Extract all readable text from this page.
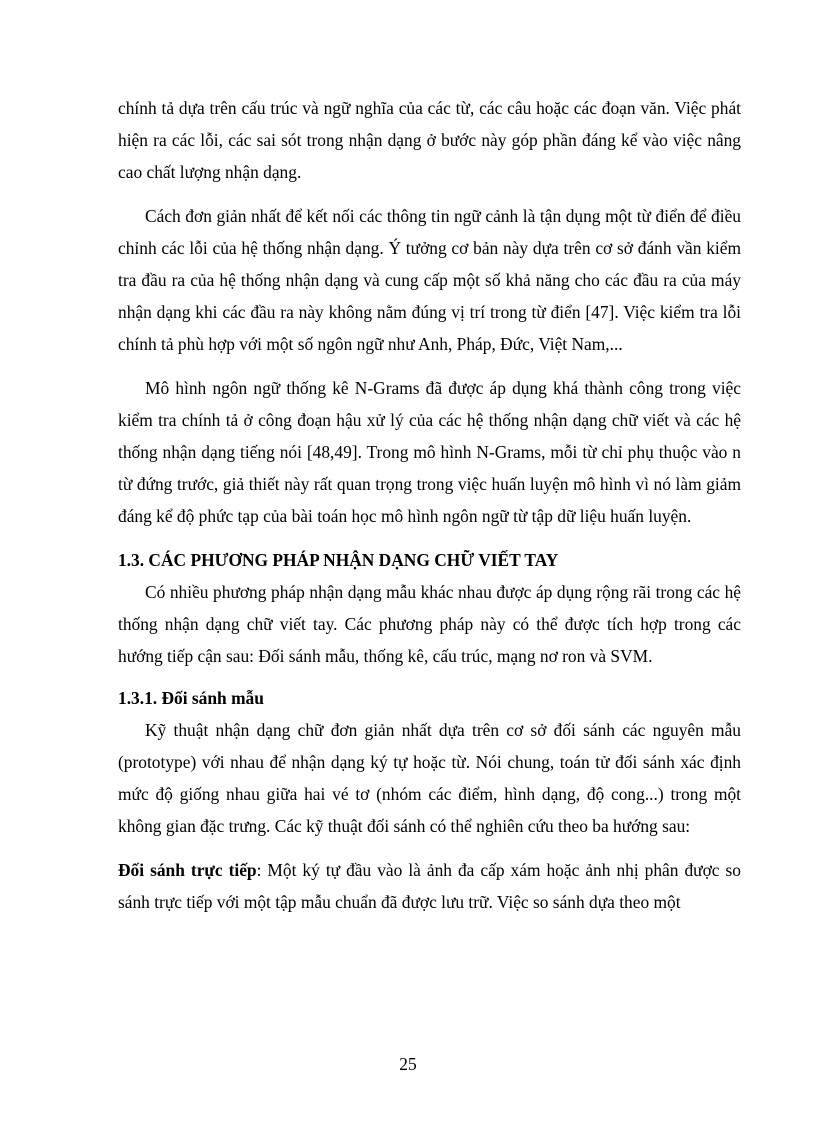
chính tả dựa trên cấu trúc và ngữ nghĩa của các từ, các câu hoặc các đoạn văn. Việc phát hiện ra các lỗi, các sai sót trong nhận dạng ở bước này góp phần đáng kể vào việc nâng cao chất lượng nhận dạng.

Cách đơn giản nhất để kết nối các thông tin ngữ cảnh là tận dụng một từ điển để điều chỉnh các lỗi của hệ thống nhận dạng. Ý tưởng cơ bản này dựa trên cơ sở đánh vần kiểm tra đầu ra của hệ thống nhận dạng và cung cấp một số khả năng cho các đầu ra của máy nhận dạng khi các đầu ra này không nằm đúng vị trí trong từ điển [47]. Việc kiểm tra lỗi chính tả phù hợp với một số ngôn ngữ như Anh, Pháp, Đức, Việt Nam,...

Mô hình ngôn ngữ thống kê N-Grams đã được áp dụng khá thành công trong việc kiểm tra chính tả ở công đoạn hậu xử lý của các hệ thống nhận dạng chữ viết và các hệ thống nhận dạng tiếng nói [48,49]. Trong mô hình N-Grams, mỗi từ chỉ phụ thuộc vào n từ đứng trước, giả thiết này rất quan trọng trong việc huấn luyện mô hình vì nó làm giảm đáng kể độ phức tạp của bài toán học mô hình ngôn ngữ từ tập dữ liệu huấn luyện.

1.3. CÁC PHƯƠNG PHÁP NHẬN DẠNG CHỮ VIẾT TAY

Có nhiều phương pháp nhận dạng mẫu khác nhau được áp dụng rộng rãi trong các hệ thống nhận dạng chữ viết tay. Các phương pháp này có thể được tích hợp trong các hướng tiếp cận sau: Đối sánh mẫu, thống kê, cấu trúc, mạng nơ ron và SVM.

1.3.1. Đối sánh mẫu

Kỹ thuật nhận dạng chữ đơn giản nhất dựa trên cơ sở đối sánh các nguyên mẫu (prototype) với nhau để nhận dạng ký tự hoặc từ. Nói chung, toán tử đối sánh xác định mức độ giống nhau giữa hai vé tơ (nhóm các điểm, hình dạng, độ cong...) trong một không gian đặc trưng. Các kỹ thuật đối sánh có thể nghiên cứu theo ba hướng sau:

Đối sánh trực tiếp: Một ký tự đầu vào là ảnh đa cấp xám hoặc ảnh nhị phân được so sánh trực tiếp với một tập mẫu chuẩn đã được lưu trữ. Việc so sánh dựa theo một

25
